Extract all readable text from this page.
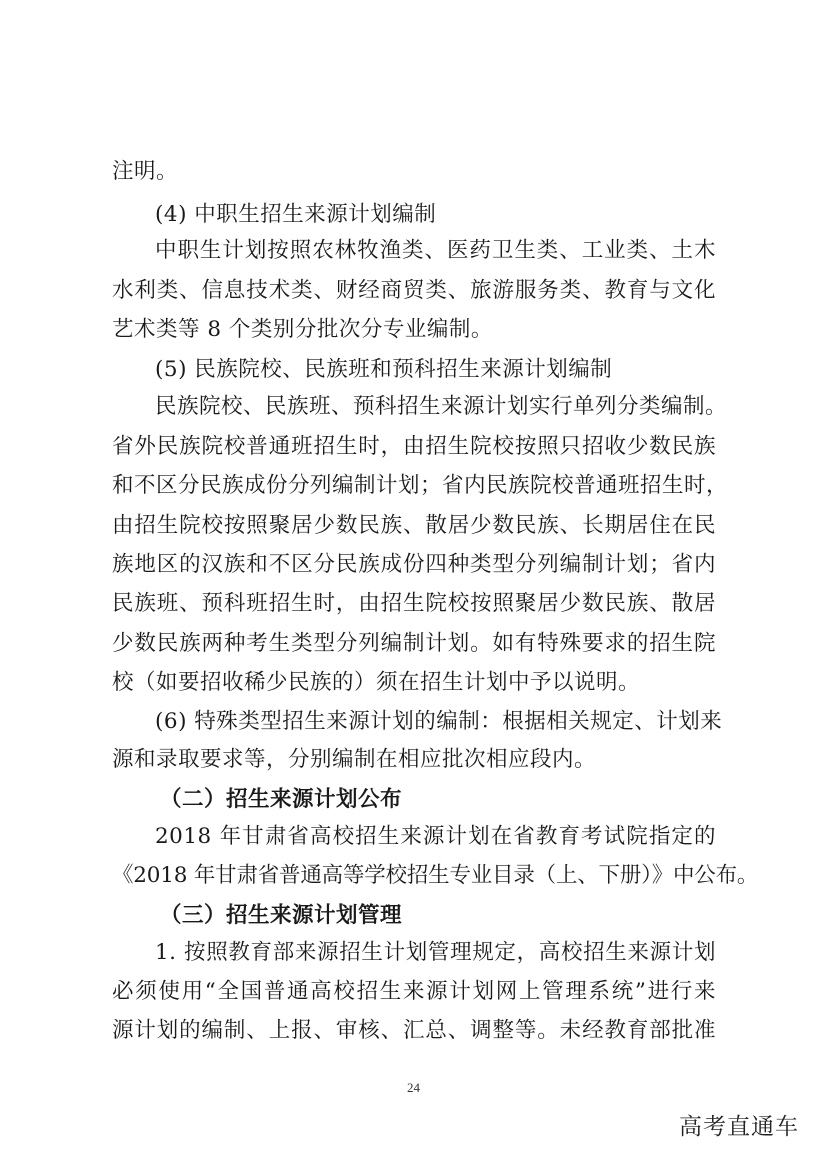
注明。
(4) 中职生招生来源计划编制
中职生计划按照农林牧渔类、医药卫生类、工业类、土木
水利类、信息技术类、财经商贸类、旅游服务类、教育与文化
艺术类等 8 个类别分批次分专业编制。
(5) 民族院校、民族班和预科招生来源计划编制
民族院校、民族班、预科招生来源计划实行单列分类编制。
省外民族院校普通班招生时，由招生院校按照只招收少数民族
和不区分民族成份分列编制计划；省内民族院校普通班招生时，
由招生院校按照聚居少数民族、散居少数民族、长期居住在民
族地区的汉族和不区分民族成份四种类型分列编制计划；省内
民族班、预科班招生时，由招生院校按照聚居少数民族、散居
少数民族两种考生类型分列编制计划。如有特殊要求的招生院
校（如要招收稀少民族的）须在招生计划中予以说明。
(6) 特殊类型招生来源计划的编制：根据相关规定、计划来
源和录取要求等，分别编制在相应批次相应段内。
（二）招生来源计划公布
2018 年甘肃省高校招生来源计划在省教育考试院指定的
《2018 年甘肃省普通高等学校招生专业目录（上、下册）》中公布。
（三）招生来源计划管理
1. 按照教育部来源招生计划管理规定，高校招生来源计划
必须使用“全国普通高校招生来源计划网上管理系统”进行来
源计划的编制、上报、审核、汇总、调整等。未经教育部批准
24
高考直通车
